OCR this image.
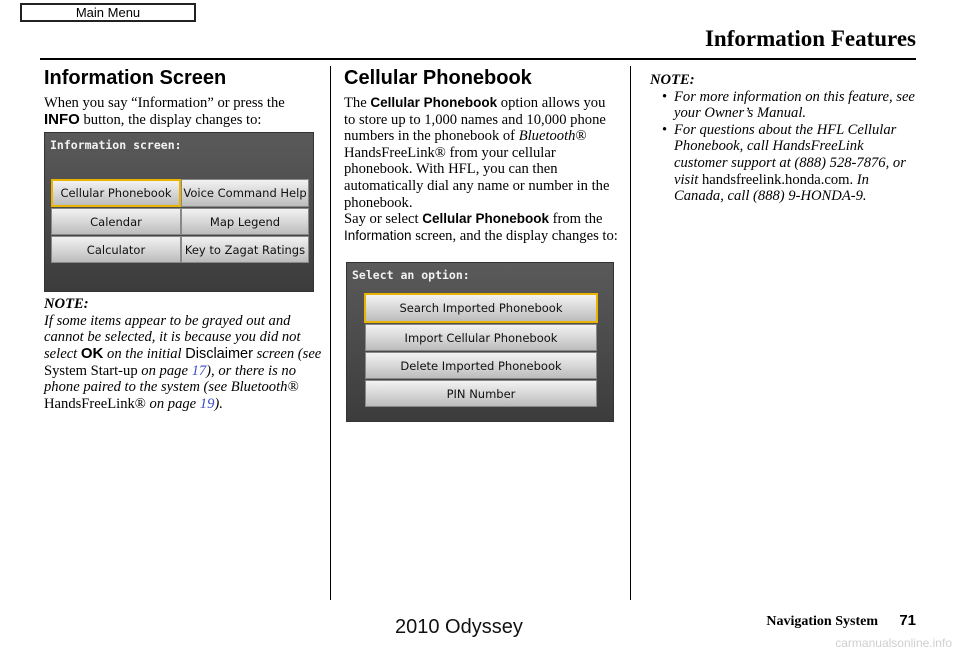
Main Menu
Information Features
Information Screen

When you say “Information” or press the INFO button, the display changes to:

NOTE:

If some items appear to be grayed out and cannot be selected, it is because you did not select OK on the initial Disclaimer screen (see System Start-up on page 17), or there is no phone paired to the system (see Bluetooth® HandsFreeLink® on page 19).

Information screen:
Cellular Phonebook	Voice Command Help
Calendar	Map Legend
Calculator	Key to Zagat Ratings
Cellular Phonebook

The Cellular Phonebook option allows you to store up to 1,000 names and 10,000 phone numbers in the phonebook of Bluetooth® HandsFreeLink® from your cellular phonebook. With HFL, you can then automatically dial any name or number in the phonebook.

Say or select Cellular Phonebook from the Information screen, and the display changes to:

Select an option:
Search Imported Phonebook
Import Cellular Phonebook
Delete Imported Phonebook
PIN Number

NOTE:

• For more information on this feature, see your Owner’s Manual.
• For questions about the HFL Cellular Phonebook, call HandsFreeLink customer support at (888) 528-7876, or visit handsfreelink.honda.com. In Canada, call (888) 9-HONDA-9.
Navigation System 71
2010 Odyssey
carmanualsonline.info
